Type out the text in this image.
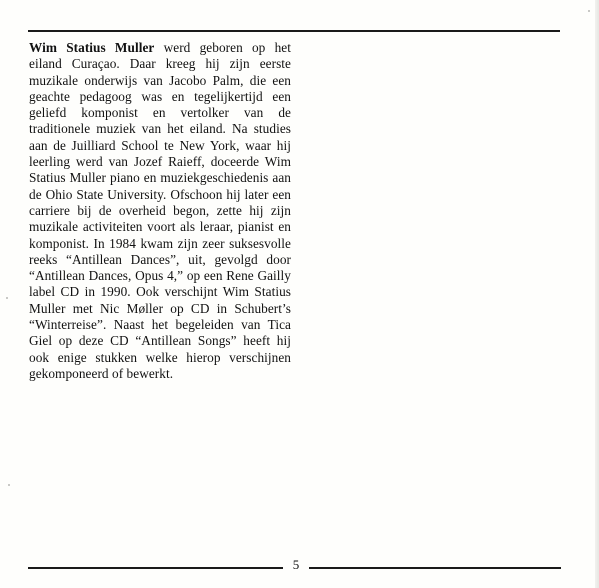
Wim Statius Muller werd geboren op het eiland Curaçao. Daar kreeg hij zijn eerste muzikale onderwijs van Jacobo Palm, die een geachte pedagoog was en tegelijkertijd een geliefd komponist en vertolker van de traditionele muziek van het eiland. Na studies aan de Juilliard School te New York, waar hij leerling werd van Jozef Raieff, doceerde Wim Statius Muller piano en muziekgeschiedenis aan de Ohio State University. Ofschoon hij later een carriere bij de overheid begon, zette hij zijn muzikale activiteiten voort als leraar, pianist en komponist. In 1984 kwam zijn zeer suksesvolle reeks “Antillean Dances”, uit, gevolgd door “Antillean Dances, Opus 4,” op een Rene Gailly label CD in 1990. Ook verschijnt Wim Statius Muller met Nic Møller op CD in Schubert’s “Winterreise”. Naast het begeleiden van Tica Giel op deze CD “Antillean Songs” heeft hij ook enige stukken welke hierop verschijnen gekomponeerd of bewerkt.

5
